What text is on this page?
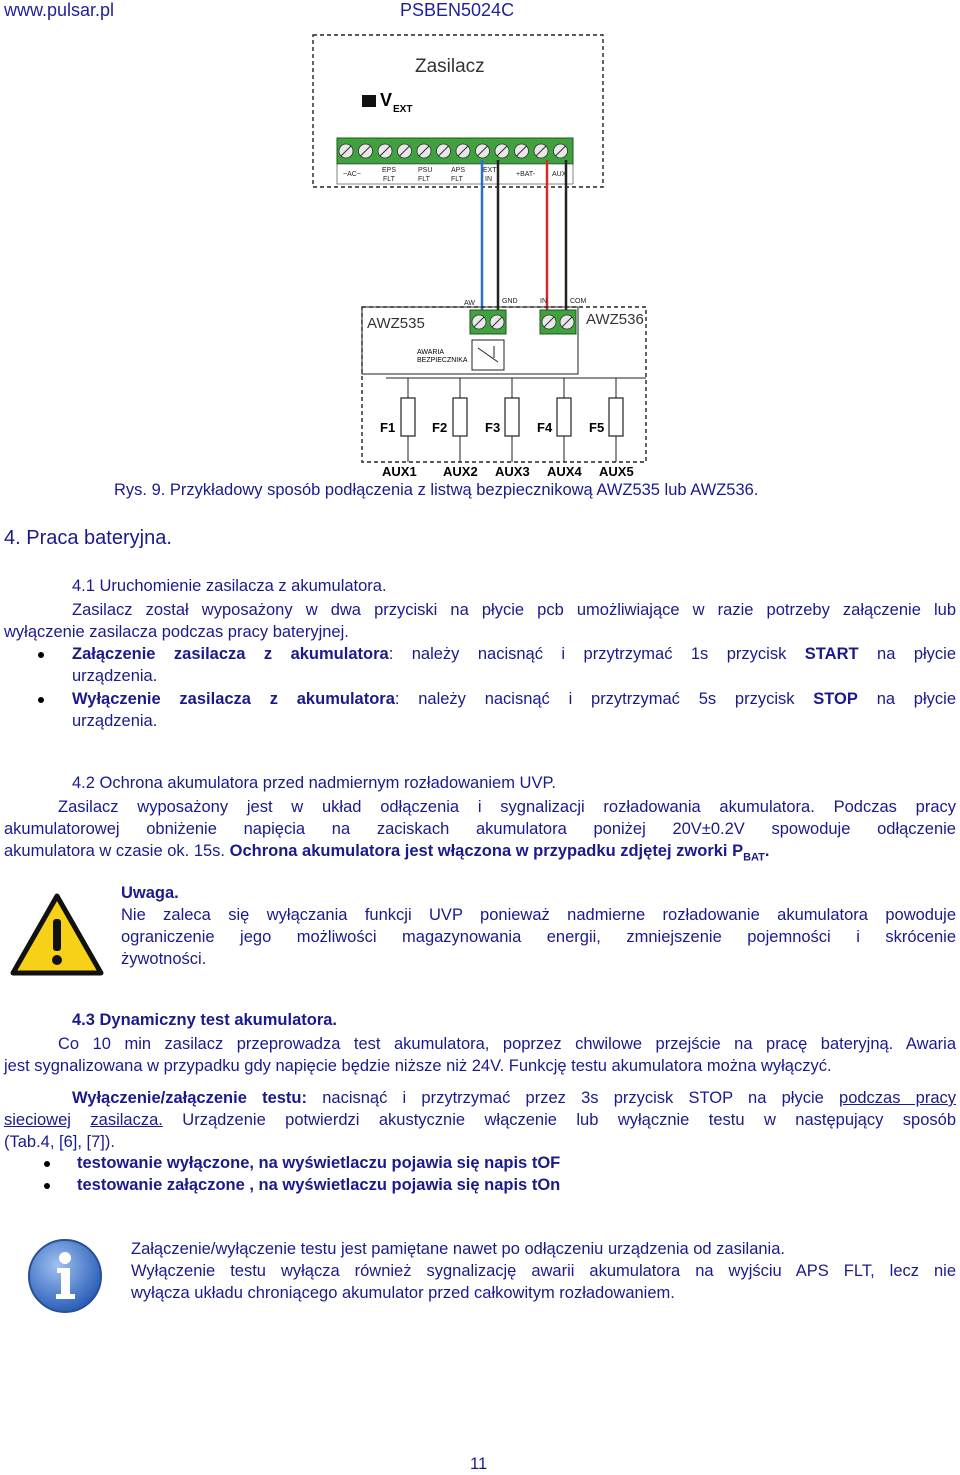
www.pulsar.pl	PSBEN5024C
Zasilacz
V EXT
~AC~
EPS
FLT
PSU
FLT
APS
FLT
EXT
IN
+BAT- AUX
AWZ535	AWZ536
AW	GND	IN	COM
AWARIA
BEZPIECZNIKA
F1	F2	F3	F4	F5
AUX1 AUX2 AUX3 AUX4 AUX5
Rys. 9. Przykładowy sposób podłączenia z listwą bezpiecznikową AWZ535 lub AWZ536.
4. Praca bateryjna.
4.1 Uruchomienie zasilacza z akumulatora.
Zasilacz został wyposażony w dwa przyciski na płycie pcb umożliwiające w razie potrzeby załączenie lub
wyłączenie zasilacza podczas pracy bateryjnej.
Załączenie zasilacza z akumulatora: należy nacisnąć i przytrzymać 1s przycisk START na płycie
urządzenia.
Wyłączenie zasilacza z akumulatora: należy nacisnąć i przytrzymać 5s przycisk STOP na płycie
urządzenia.
4.2 Ochrona akumulatora przed nadmiernym rozładowaniem UVP.
Zasilacz wyposażony jest w układ odłączenia i sygnalizacji rozładowania akumulatora. Podczas pracy
akumulatorowej obniżenie napięcia na zaciskach akumulatora poniżej 20V±0.2V spowoduje odłączenie
akumulatora w czasie ok. 15s. Ochrona akumulatora jest włączona w przypadku zdjętej zworki $P_{BAT}$.
Uwaga.
Nie zaleca się wyłączania funkcji UVP ponieważ nadmierne rozładowanie akumulatora powoduje
ograniczenie jego możliwości magazynowania energii, zmniejszenie pojemności i skrócenie
żywotności.
4.3 Dynamiczny test akumulatora.
Co 10 min zasilacz przeprowadza test akumulatora, poprzez chwilowe przejście na pracę bateryjną. Awaria
jest sygnalizowana w przypadku gdy napięcie będzie niższe niż 24V. Funkcję testu akumulatora można wyłączyć.
Wyłączenie/załączenie testu: nacisnąć i przytrzymać przez 3s przycisk STOP na płycie podczas pracy
sieciowej zasilacza. Urządzenie potwierdzi akustycznie włączenie lub wyłącznie testu w następujący sposób
(Tab.4, [6], [7]).
testowanie wyłączone, na wyświetlaczu pojawia się napis tOF
testowanie załączone , na wyświetlaczu pojawia się napis tOn
Załączenie/wyłączenie testu jest pamiętane nawet po odłączeniu urządzenia od zasilania.
Wyłączenie testu wyłącza również sygnalizację awarii akumulatora na wyjściu APS FLT, lecz nie
wyłącza układu chroniącego akumulator przed całkowitym rozładowaniem.
11
